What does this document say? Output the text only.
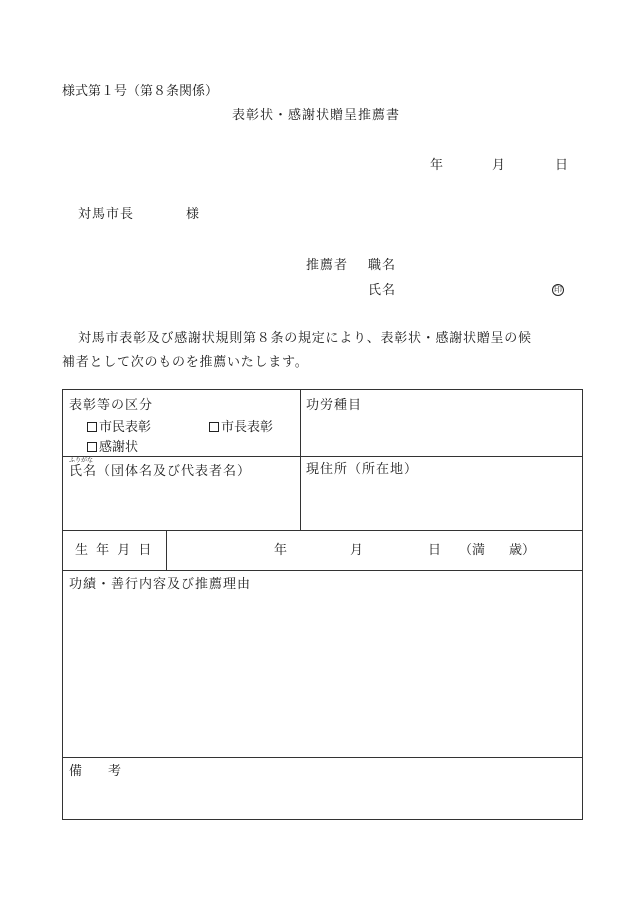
様式第１号（第８条関係）
表彰状・感謝状贈呈推薦書
年	月	日
対馬市長	様
推薦者 職名
氏名	印
対馬市表彰及び感謝状規則第８条の規定により、表彰状・感謝状贈呈の候
補者として次のものを推薦いたします。
表彰等の区分
市民表彰	市長表彰
感謝状
功労種目
ふりがな
氏名（団体名及び代表者名）	現住所（所在地）
生 年 月 日	年	月	日 （満 歳）
功績・善行内容及び推薦理由
備　　考
